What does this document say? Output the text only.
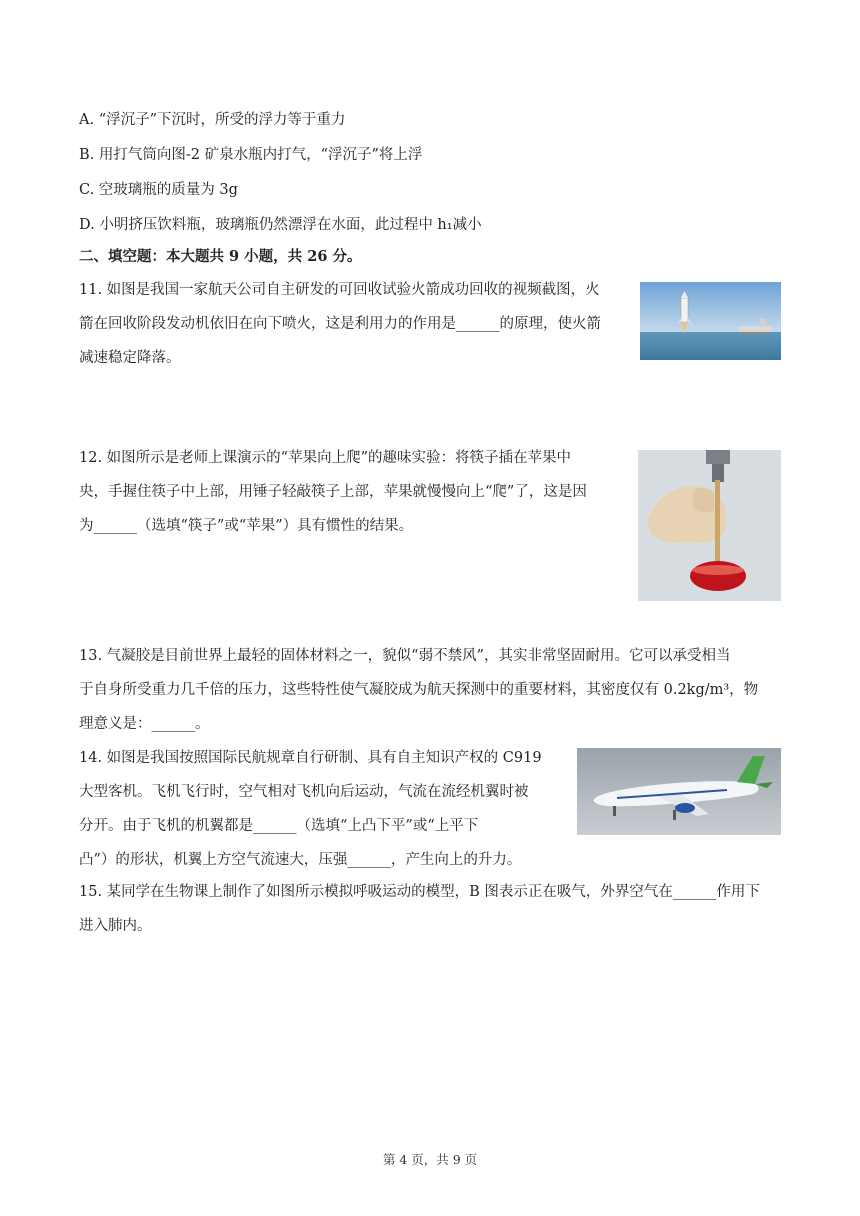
A. “浮沉子”下沉时，所受的浮力等于重力
B. 用打气筒向图-2 矿泉水瓶内打气，“浮沉子”将上浮
C. 空玻璃瓶的质量为 3g
D. 小明挤压饮料瓶，玻璃瓶仍然漂浮在水面，此过程中 h₁减小
二、填空题：本大题共 9 小题，共 26 分。
11. 如图是我国一家航天公司自主研发的可回收试验火箭成功回收的视频截图，火
箭在回收阶段发动机依旧在向下喷火，这是利用力的作用是______的原理，使火箭
减速稳定降落。
12. 如图所示是老师上课演示的“苹果向上爬”的趣味实验：将筷子插在苹果中
央，手握住筷子中上部，用锤子轻敲筷子上部，苹果就慢慢向上“爬”了，这是因
为______（选填“筷子”或“苹果”）具有惯性的结果。
13. 气凝胶是目前世界上最轻的固体材料之一，貌似“弱不禁风”，其实非常坚固耐用。它可以承受相当
于自身所受重力几千倍的压力，这些特性使气凝胶成为航天探测中的重要材料，其密度仅有 0.2kg/m³，物
理意义是：______。
14. 如图是我国按照国际民航规章自行研制、具有自主知识产权的 C919
大型客机。飞机飞行时，空气相对飞机向后运动，气流在流经机翼时被
分开。由于飞机的机翼都是______（选填“上凸下平”或“上平下
凸”）的形状，机翼上方空气流速大，压强______，产生向上的升力。
15. 某同学在生物课上制作了如图所示模拟呼吸运动的模型，B 图表示正在吸气，外界空气在______作用下
进入肺内。
第 4 页，共 9 页
